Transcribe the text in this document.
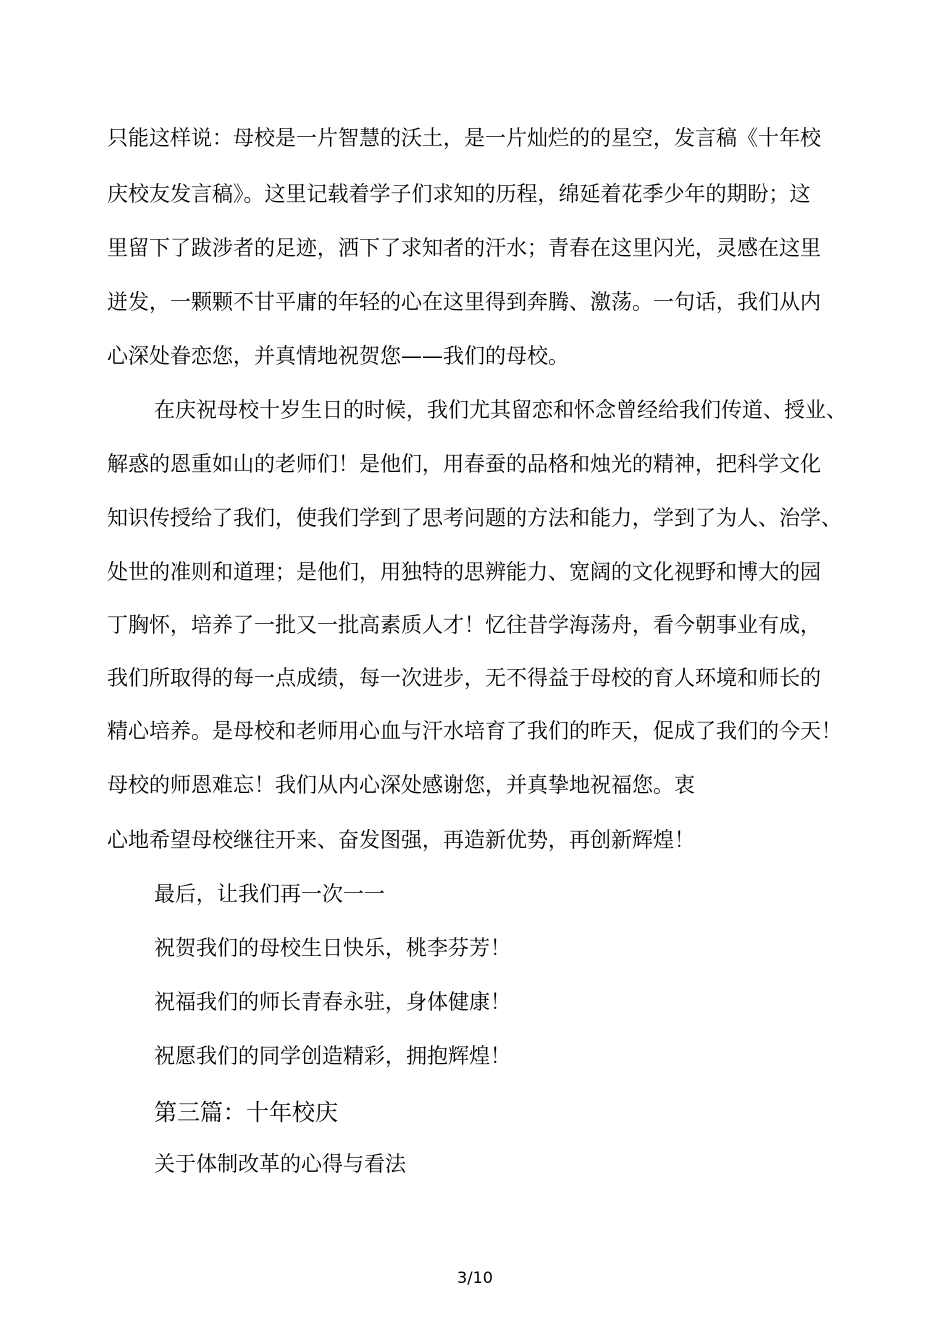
只能这样说：母校是一片智慧的沃土，是一片灿烂的的星空，发言稿《十年校
庆校友发言稿》。这里记载着学子们求知的历程，绵延着花季少年的期盼；这
里留下了跋涉者的足迹，洒下了求知者的汗水；青春在这里闪光，灵感在这里
迸发，一颗颗不甘平庸的年轻的心在这里得到奔腾、激荡。一句话，我们从内
心深处眷恋您，并真情地祝贺您——我们的母校。
在庆祝母校十岁生日的时候，我们尤其留恋和怀念曾经给我们传道、授业、
解惑的恩重如山的老师们！是他们，用春蚕的品格和烛光的精神，把科学文化
知识传授给了我们，使我们学到了思考问题的方法和能力，学到了为人、治学、
处世的准则和道理；是他们，用独特的思辨能力、宽阔的文化视野和博大的园
丁胸怀，培养了一批又一批高素质人才！忆往昔学海荡舟，看今朝事业有成，
我们所取得的每一点成绩，每一次进步，无不得益于母校的育人环境和师长的
精心培养。是母校和老师用心血与汗水培育了我们的昨天，促成了我们的今天！
母校的师恩难忘！我们从内心深处感谢您，并真挚地祝福您。衷
心地希望母校继往开来、奋发图强，再造新优势，再创新辉煌！
最后，让我们再一次一一
祝贺我们的母校生日快乐，桃李芬芳！
祝福我们的师长青春永驻，身体健康！
祝愿我们的同学创造精彩，拥抱辉煌！
第三篇：十年校庆
关于体制改革的心得与看法
3/10
